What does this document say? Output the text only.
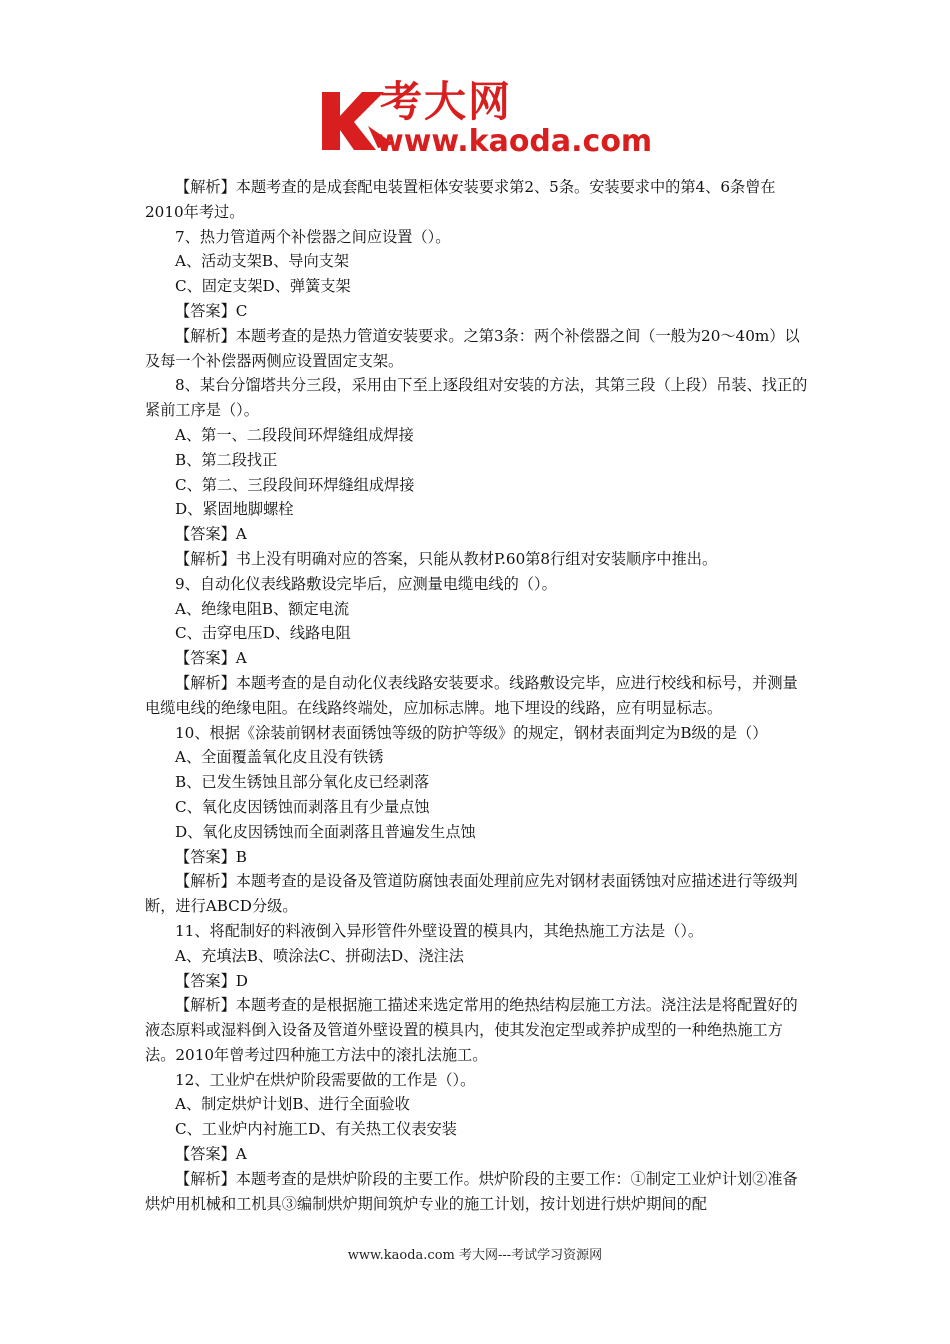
考大网
www.kaoda.com

【解析】本题考查的是成套配电装置柜体安装要求第2、5条。安装要求中的第4、6条曾在2010年考过。

7、热力管道两个补偿器之间应设置（）。

A、活动支架B、导向支架

C、固定支架D、弹簧支架

【答案】C

【解析】本题考查的是热力管道安装要求。之第3条：两个补偿器之间（一般为20～40m）以及每一个补偿器两侧应设置固定支架。

8、某台分馏塔共分三段，采用由下至上逐段组对安装的方法，其第三段（上段）吊装、找正的紧前工序是（）。

A、第一、二段段间环焊缝组成焊接

B、第二段找正

C、第二、三段段间环焊缝组成焊接

D、紧固地脚螺栓

【答案】A

【解析】书上没有明确对应的答案，只能从教材P.60第8行组对安装顺序中推出。

9、自动化仪表线路敷设完毕后，应测量电缆电线的（）。

A、绝缘电阻B、额定电流

C、击穿电压D、线路电阻

【答案】A

【解析】本题考查的是自动化仪表线路安装要求。线路敷设完毕，应进行校线和标号，并测量电缆电线的绝缘电阻。在线路终端处，应加标志牌。地下埋设的线路，应有明显标志。

10、根据《涂装前钢材表面锈蚀等级的防护等级》的规定，钢材表面判定为B级的是（）

A、全面覆盖氧化皮且没有铁锈

B、已发生锈蚀且部分氧化皮已经剥落

C、氧化皮因锈蚀而剥落且有少量点蚀

D、氧化皮因锈蚀而全面剥落且普遍发生点蚀

【答案】B

【解析】本题考查的是设备及管道防腐蚀表面处理前应先对钢材表面锈蚀对应描述进行等级判断，进行ABCD分级。

11、将配制好的料液倒入异形管件外壁设置的模具内，其绝热施工方法是（）。

A、充填法B、喷涂法C、拼砌法D、浇注法

【答案】D

【解析】本题考查的是根据施工描述来选定常用的绝热结构层施工方法。浇注法是将配置好的液态原料或湿料倒入设备及管道外壁设置的模具内，使其发泡定型或养护成型的一种绝热施工方法。2010年曾考过四种施工方法中的滚扎法施工。

12、工业炉在烘炉阶段需要做的工作是（）。

A、制定烘炉计划B、进行全面验收

C、工业炉内衬施工D、有关热工仪表安装

【答案】A

【解析】本题考查的是烘炉阶段的主要工作。烘炉阶段的主要工作：①制定工业炉计划②准备烘炉用机械和工机具③编制烘炉期间筑炉专业的施工计划，按计划进行烘炉期间的配

www.kaoda.com 考大网---考试学习资源网
